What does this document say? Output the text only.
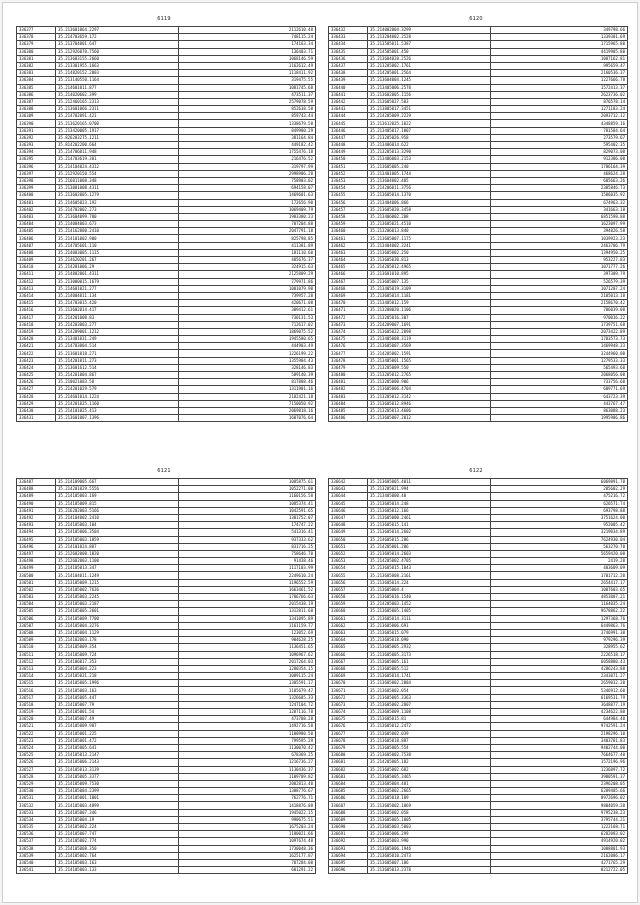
6119
336377	35.213601064.2297	2112610.48
336378	35.214703659.172	748115.24
336379	35.213704001.647	174163.34
336380	35.212926070.7560	136403.71
336381	35.213603155.2660	1068146.59
336382	35.213301955.1663	1162612.49
336383	35.214820152.2803	1118411.92
336384	35.213140550.1164	319475.55
336385	35.214601011.877	1081745.68
336386	35.214020602.399	473511.37
336387	35.212460165.2313	2579078.59
336388	35.213601066.2311	852638.58
336389	35.214702091.421	859743.44
336390	35.213620165.0700	1338679.58
336391	35.213420005.1917	849980.29
336392	35.826203275.1211	381164.84
336393	35.814202200.664	449182.42
336394	35.214706011.948	1755476.18
336395	35.214703619.381	216476.52
336396	35.214104024.4312	319797.99
336397	35.212920150.554	2998906.28
336398	35.216011008.348	758903.02
336399	35.213001008.4311	694158.07
336400	35.213602005.1279	1469601.63
336401	35.214605023.192	172656.90
336402	35.214702002.273	1069409.79
336403	35.213604099.780	1903380.23
336404	35.214004003.673	707204.88
336405	35.214162800.2410	2047791.18
336406	35.214101002.900	825798.85
336407	35.214705601.110	411381.89
336408	35.214003005.1115	181110.60
336409	35.214620201.267	485676.37
336410	35.214201006.29	324915.63
336411	35.214802001.4311	2125809.29
336412	35.213000015.1679	779971.86
336413	35.214601021.277	1081079.90
336414	35.214004011.134	739957.28
336415	35.214703015.420	420671.08
336416	35.213602014.417	309412.61
336417	35.214201008.83	730131.53
336418	35.214203003.277	712617.02
336419	35.214209001.1212	1869075.52
336420	35.213401031.249	1945580.65
336421	35.214703004.514	444903.49
336422	35.213601018.271	1226199.22
336423	35.214201011.273	1355904.43
336424	35.213601612.514	328146.83
336425	35.214201004.867	589140.39
336426	35.210021083.58	817808.46
336427	35.214201029.579	1311901.16
336428	35.214601014.1224	2182421.18
336429	35.214201025.1160	7150050.92
336430	35.214101025.413	2069818.16
336431	35.213601007.1396	1607076.64
6120
336432	35.214002004.3299	349798.66
336433	35.213204002.2528	1339301.69
336434	35.213505011.5387	1715965.80
336435	35.214505001.450	4419905.80
336436	35.213604020.2526	1087162.81
336437	35.213205002.1761	995659.47
336438	35.214205001.2564	2160536.37
336439	35.213604004.1245	1227666.78
336440	35.213405006.2578	1572413.37
336441	35.213602005.1156	2623736.02
336442	35.213605027.503	876578.14
336443	35.213805017.3451	1271183.24
336444	35.214205009.2229	2093712.12
336445	35.213612025.1022	4348859.16
336446	35.213405017.1007	781584.64
336447	35.213205026.958	273579.67
336448	35.213406014.622	595402.35
336449	35.213205013.3290	829073.00
336450	35.213406003.2153	912386.00
336451	35.213605005.240	1786164.39
336452	35.213401005.1744	468624.28
336453	35.213604002.405	605663.26
336454	35.214206011.3756	2385846.73
336455	35.213605014.1370	1586035.92
336456	35.213404006.866	674963.32
336457	35.213605020.3458	341663.18
336458	35.213406002.208	6851598.88
336459	35.213605021.4510	1623097.99
336460	35.213206013.840	394826.58
336461	35.213605007.1175	1039923.23
336462	35.213404002.3241	2463706.79
336463	35.213605002.250	1394950.25
336464	35.213605030.813	953227.83
336465	35.214205012.4965	1071777.26
336466	35.213601010.895	397309.79
336467	35.213605007.135	526579.39
336468	35.213405019.3109	1071207.24
336469	35.213605014.1181	2105013.18
336470	35.213405012.159	2158670.42
336471	35.213208020.1106	786039.08
336472	35.213205016.307	970016.22
336473	35.214209007.1691	1739751.68
336474	35.213605022.2098	2073422.89
336475	35.213405008.3119	1783573.73
336476	35.213605007.3569	1469948.23
336477	35.214205002.1591	3244960.00
336478	35.213405001.1565	1279533.33
336479	35.213205009.550	565493.60
336480	35.213205012.2765	2068056.00
336481	35.213205000.906	733756.60
336482	35.213605006.4704	609771.69
336483	35.213205012.3142	643723.39
336484	35.213605012.8946	443767.47
336485	35.213205013.4606	863088.23
336486	35.213605007.2012	1995906.86
6121
336487	35.214109005.667	1085875.61
336488	35.214201029.5556	1052271.00
336489	35.214105003.169	1160156.58
336490	35.214105009.815	1085374.41
336491	35.216202003.5166	1042591.65
336492	35.214104002.2410	1301752.07
336493	35.214105003.104	174747.22
336494	35.214105006.3504	541316.41
336495	35.214105003.1059	937333.62
336496	35.214101024.887	831716.25
336497	35.212602008.1820	758646.70
336498	35.212602003.1100	91438.46
336499	35.214105013.347	1117103.99
336500	35.214104011.1249	2249610.24
336501	35.213105009.1215	1196552.59
336502	35.214105002.7636	1663461.52
336503	35.214105003.2245	1786766.63
336504	35.214105003.2187	2015438.19
336505	35.214105005.2601	1312811.68
336506	35.214105009.7700	1341095.89
336507	35.214105004.3276	1161159.77
336508	35.214105004.1129	123052.69
336509	35.214102003.178	904628.25
336510	35.214105009.354	1136451.65
336511	35.214105009.724	1096967.62
336512	35.214106017.353	2017264.03
336513	35.214105004.223	1280354.15
336514	35.214105031.218	1089115.24
336515	35.214105005.1996	1305591.17
336516	35.214105003.163	1105679.47
336517	35.214105005.447	1326685.33
336518	35.214105007.79	1247104.72
336519	35.214105001.54	1207116.78
336520	35.214105007.49	473708.28
336521	35.214105009.987	1492716.58
336522	35.214105001.225	1100980.50
336523	35.214105001.472	799595.29
336524	35.214105005.641	1130070.42
336525	35.214105013.2147	678369.25
336526	35.214105006.2143	1216736.27
336527	35.214105013.3139	1130436.37
336528	35.214105005.3377	1109709.82
336529	35.214105009.7530	2002813.40
336530	35.214105004.2399	1308776.67
336531	35.214105001.1001	762776.71
336532	35.214105003.4899	1418876.88
336533	35.214105007.346	1945022.15
336534	35.214105004.19	990675.51
336535	35.214105002.224	1675203.24
336536	35.214105007.747	1180021.66
336537	35.214105002.774	1097674.48
336538	35.214105008.350	1730048.36
336539	35.214105002.764	1625177.87
336540	35.214105003.163	707284.08
336541	35.214105003.133	601291.22
6122
336642	35.213605005.4011	6069891.78
336643	35.213205021.994	285602.29
336644	35.213405000.40	475216.72
336645	35.213605014.248	620571.74
336646	35.213605012.166	693798.88
336647	35.213605000.2461	3751624.00
336648	35.213605015.141	952005.42
336649	35.213605014.2602	3219034.89
336650	35.214605015.286	7624930.04
336651	35.214205001.206	563270.70
336652	35.213605014.2603	5659420.00
336653	35.214205002.4705	2419.28
336654	35.213605015.1043	403609.09
336655	35.213605008.2161	1701712.20
336656	35.213605014.224	2654417.17
336657	35.213605004.4	1007603.65
336658	35.213605016.1540	4853807.21
336659	35.214205003.1452	1164035.24
336660	35.213605005.1405	9678862.22
336661	35.213605014.3111	1297368.76
336662	35.213605006.691	6449863.76
336663	35.213605015.079	3746991.30
336664	35.213605018.090	979296.39
336665	35.213605005.2932	328955.62
336666	35.213605005.3173	2226518.17
336667	35.213605005.161	6058880.43
336668	35.213605005.512	4286243.88
336669	35.213605014.1741	2343071.27
336670	35.213605002.2084	2659032.20
336671	35.213605002.054	5346912.60
336672	35.213605005.3363	6169531.79
336673	35.213605002.2807	3648877.19
336674	35.213605009.1108	4234622.80
336675	35.213605015.81	644984.40
336676	35.213605012.2472	9742591.24
336677	35.213605002.039	2198296.10
336678	35.213605018.887	3403781.83
336679	35.213605005.554	9402744.00
336680	35.213605002.7538	7664677.40
336681	35.214205005.182	1572196.96
336682	35.213605002.682	1236897.72
336683	35.213605005.3465	3980591.37
336684	35.213605004.481	2396208.05
336685	35.213605002.2665	6289405.66
336686	35.213605018.109	8972696.02
336687	35.213605002.1869	9804059.20
336688	35.213605002.058	9795238.23
336689	35.213605005.1005	3795744.21
336690	35.213605003.5003	1222168.71
336691	35.213605006.299	6282093.02
336692	35.213605003.990	4914920.02
336693	35.213605006.1946	1008801.93
336694	35.213605010.2473	2162086.17
336695	35.213605007.186	4271765.29
336696	35.213605013.2378	8212722.05
